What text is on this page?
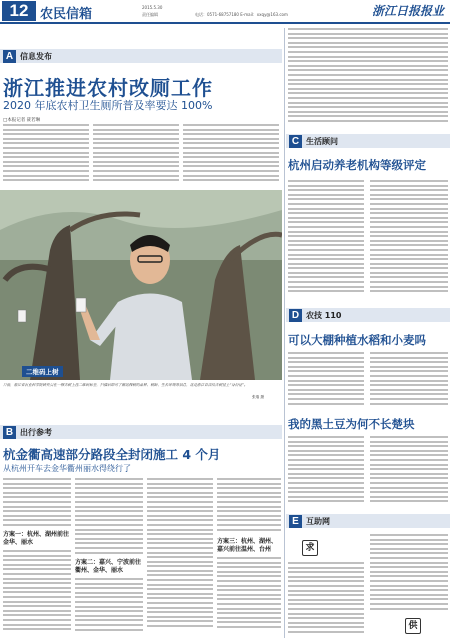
12 农民信箱	2015.5.30
责任编辑	电话：0571-68757180 E-mail：xxqy@163.com	浙江日报报业
A 信息发布
浙江推进农村改厕工作
2020 年底农村卫生厕所普及率要达 100%
□本报记者 聂若琳
二维码上树
日前，浙江省农业科学院研究员在一棵古树上挂二维码标签，扫描后即可了解这棵树的品种、树龄、生长环境等信息，这是浙江首次给古树挂上“身份证”。
张瑞 摄
B 出行参考
杭金衢高速部分路段全封闭施工 4 个月
从杭州开车去金华衢州丽水得绕行了
方案一：杭州、湖州前往金华、丽水
方案二：嘉兴、宁波前往衢州、金华、丽水
方案三：杭州、湖州、嘉兴前往温州、台州
C 生活顾问
杭州启动养老机构等级评定
D 农技 110
可以大棚种植水稻和小麦吗
我的黑土豆为何不长楚块
E 互助网
求
供
